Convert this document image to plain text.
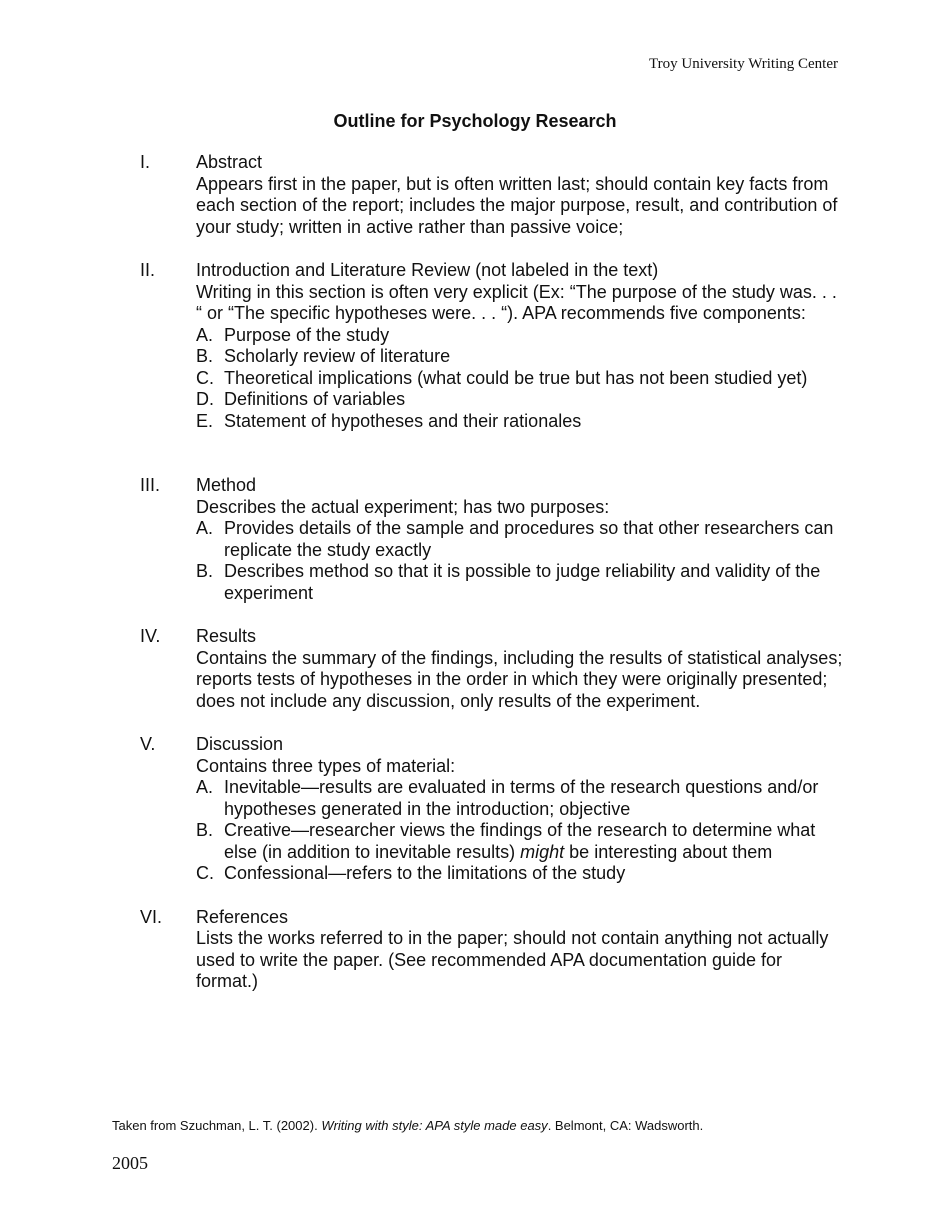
Troy University Writing Center
Outline for Psychology Research
I.	Abstract
Appears first in the paper, but is often written last; should contain key facts from each section of the report; includes the major purpose, result, and contribution of your study; written in active rather than passive voice;
II. Introduction and Literature Review (not labeled in the text)
Writing in this section is often very explicit (Ex: “The purpose of the study was. . . “ or “The specific hypotheses were. . . “). APA recommends five components:
A. Purpose of the study
B. Scholarly review of literature
C. Theoretical implications (what could be true but has not been studied yet)
D. Definitions of variables
E. Statement of hypotheses and their rationales
III. Method
Describes the actual experiment; has two purposes:
A. Provides details of the sample and procedures so that other researchers can replicate the study exactly
B. Describes method so that it is possible to judge reliability and validity of the experiment
IV. Results
Contains the summary of the findings, including the results of statistical analyses; reports tests of hypotheses in the order in which they were originally presented; does not include any discussion, only results of the experiment.
V. Discussion
Contains three types of material:
A. Inevitable—results are evaluated in terms of the research questions and/or hypotheses generated in the introduction; objective
B. Creative—researcher views the findings of the research to determine what else (in addition to inevitable results) might be interesting about them
C. Confessional—refers to the limitations of the study
VI. References
Lists the works referred to in the paper; should not contain anything not actually used to write the paper. (See recommended APA documentation guide for format.)
Taken from Szuchman, L. T. (2002). Writing with style: APA style made easy. Belmont, CA: Wadsworth.
2005
